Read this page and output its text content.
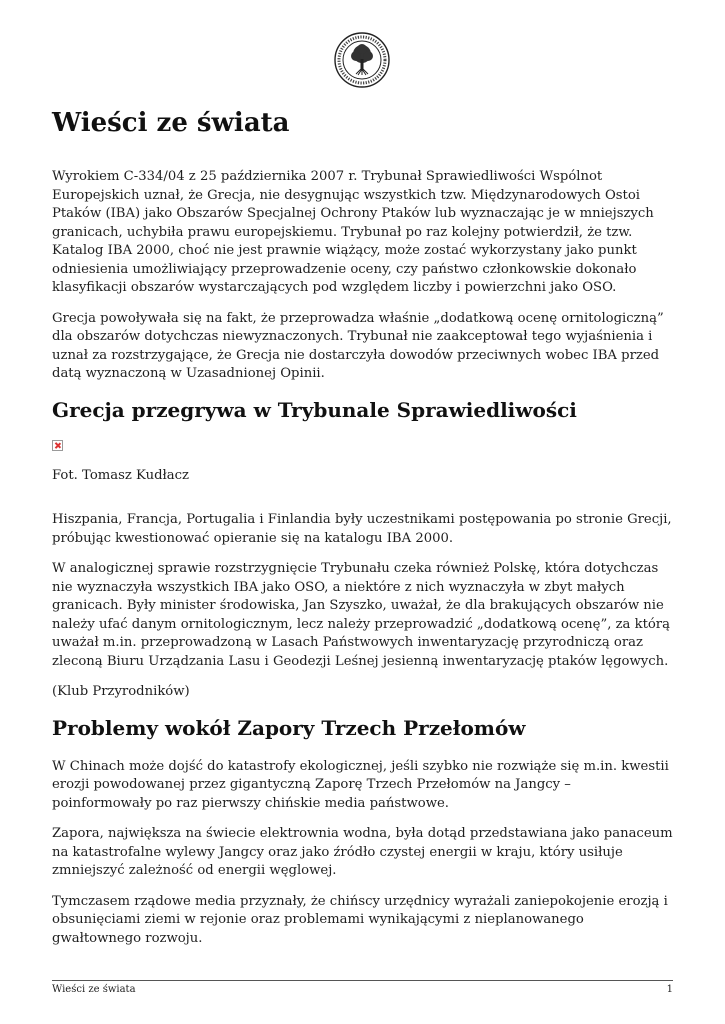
Wieści ze świata

Wyrokiem C-334/04 z 25 października 2007 r. Trybunał Sprawiedliwości Wspólnot Europejskich uznał, że Grecja, nie desygnując wszystkich tzw. Międzynarodowych Ostoi Ptaków (IBA) jako Obszarów Specjalnej Ochrony Ptaków lub wyznaczając je w mniejszych granicach, uchybiła prawu europejskiemu. Trybunał po raz kolejny potwierdził, że tzw. Katalog IBA 2000, choć nie jest prawnie wiążący, może zostać wykorzystany jako punkt odniesienia umożliwiający przeprowadzenie oceny, czy państwo członkowskie dokonało klasyfikacji obszarów wystarczających pod względem liczby i powierzchni jako OSO.

Grecja powoływała się na fakt, że przeprowadza właśnie „dodatkową ocenę ornitologiczną” dla obszarów dotychczas niewyznaczonych. Trybunał nie zaakceptował tego wyjaśnienia i uznał za rozstrzygające, że Grecja nie dostarczyła dowodów przeciwnych wobec IBA przed datą wyznaczoną w Uzasadnionej Opinii.

Grecja przegrywa w Trybunale Sprawiedliwości

Fot. Tomasz Kudłacz

Hiszpania, Francja, Portugalia i Finlandia były uczestnikami postępowania po stronie Grecji, próbując kwestionować opieranie się na katalogu IBA 2000.

W analogicznej sprawie rozstrzygnięcie Trybunału czeka również Polskę, która dotychczas nie wyznaczyła wszystkich IBA jako OSO, a niektóre z nich wyznaczyła w zbyt małych granicach. Były minister środowiska, Jan Szyszko, uważał, że dla brakujących obszarów nie należy ufać danym ornitologicznym, lecz należy przeprowadzić „dodatkową ocenę”, za którą uważał m.in. przeprowadzoną w Lasach Państwowych inwentaryzację przyrodniczą oraz zleconą Biuru Urządzania Lasu i Geodezji Leśnej jesienną inwentaryzację ptaków lęgowych.

(Klub Przyrodników)

Problemy wokół Zapory Trzech Przełomów

W Chinach może dojść do katastrofy ekologicznej, jeśli szybko nie rozwiąże się m.in. kwestii erozji powodowanej przez gigantyczną Zaporę Trzech Przełomów na Jangcy – poinformowały po raz pierwszy chińskie media państwowe.

Zapora, największa na świecie elektrownia wodna, była dotąd przedstawiana jako panaceum na katastrofalne wylewy Jangcy oraz jako źródło czystej energii w kraju, który usiłuje zmniejszyć zależność od energii węglowej.

Tymczasem rządowe media przyznały, że chińscy urzędnicy wyrażali zaniepokojenie erozją i obsunięciami ziemi w rejonie oraz problemami wynikającymi z nieplanowanego gwałtownego rozwoju.

Wieści ze świata	1
